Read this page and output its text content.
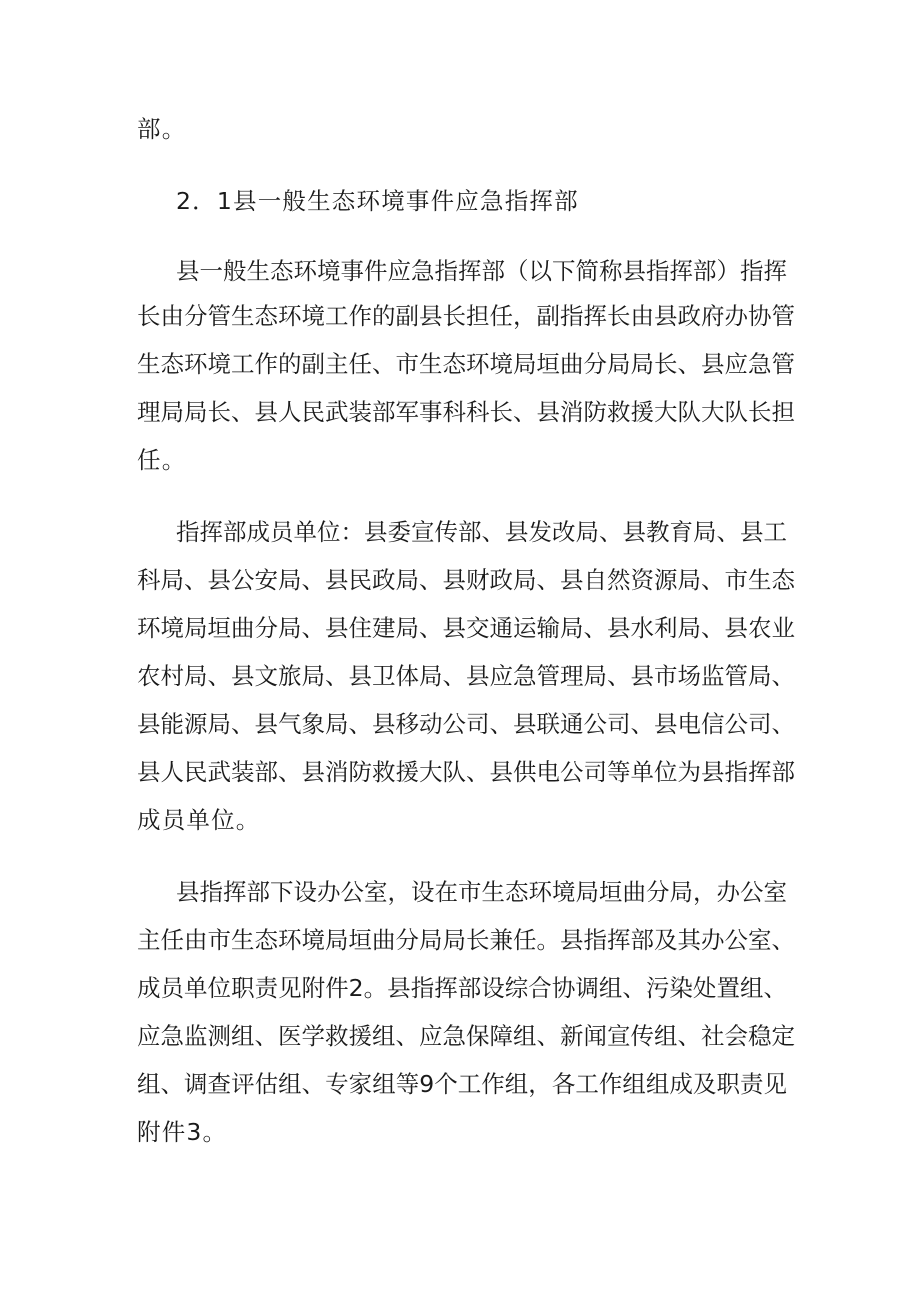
部。
2．1县一般生态环境事件应急指挥部
县一般生态环境事件应急指挥部（以下简称县指挥部）指挥
长由分管生态环境工作的副县长担任，副指挥长由县政府办协管
生态环境工作的副主任、市生态环境局垣曲分局局长、县应急管
理局局长、县人民武装部军事科科长、县消防救援大队大队长担
任。
指挥部成员单位：县委宣传部、县发改局、县教育局、县工
科局、县公安局、县民政局、县财政局、县自然资源局、市生态
环境局垣曲分局、县住建局、县交通运输局、县水利局、县农业
农村局、县文旅局、县卫体局、县应急管理局、县市场监管局、
县能源局、县气象局、县移动公司、县联通公司、县电信公司、
县人民武装部、县消防救援大队、县供电公司等单位为县指挥部
成员单位。
县指挥部下设办公室，设在市生态环境局垣曲分局，办公室
主任由市生态环境局垣曲分局局长兼任。县指挥部及其办公室、
成员单位职责见附件2。县指挥部设综合协调组、污染处置组、
应急监测组、医学救援组、应急保障组、新闻宣传组、社会稳定
组、调查评估组、专家组等9个工作组，各工作组组成及职责见
附件3。
